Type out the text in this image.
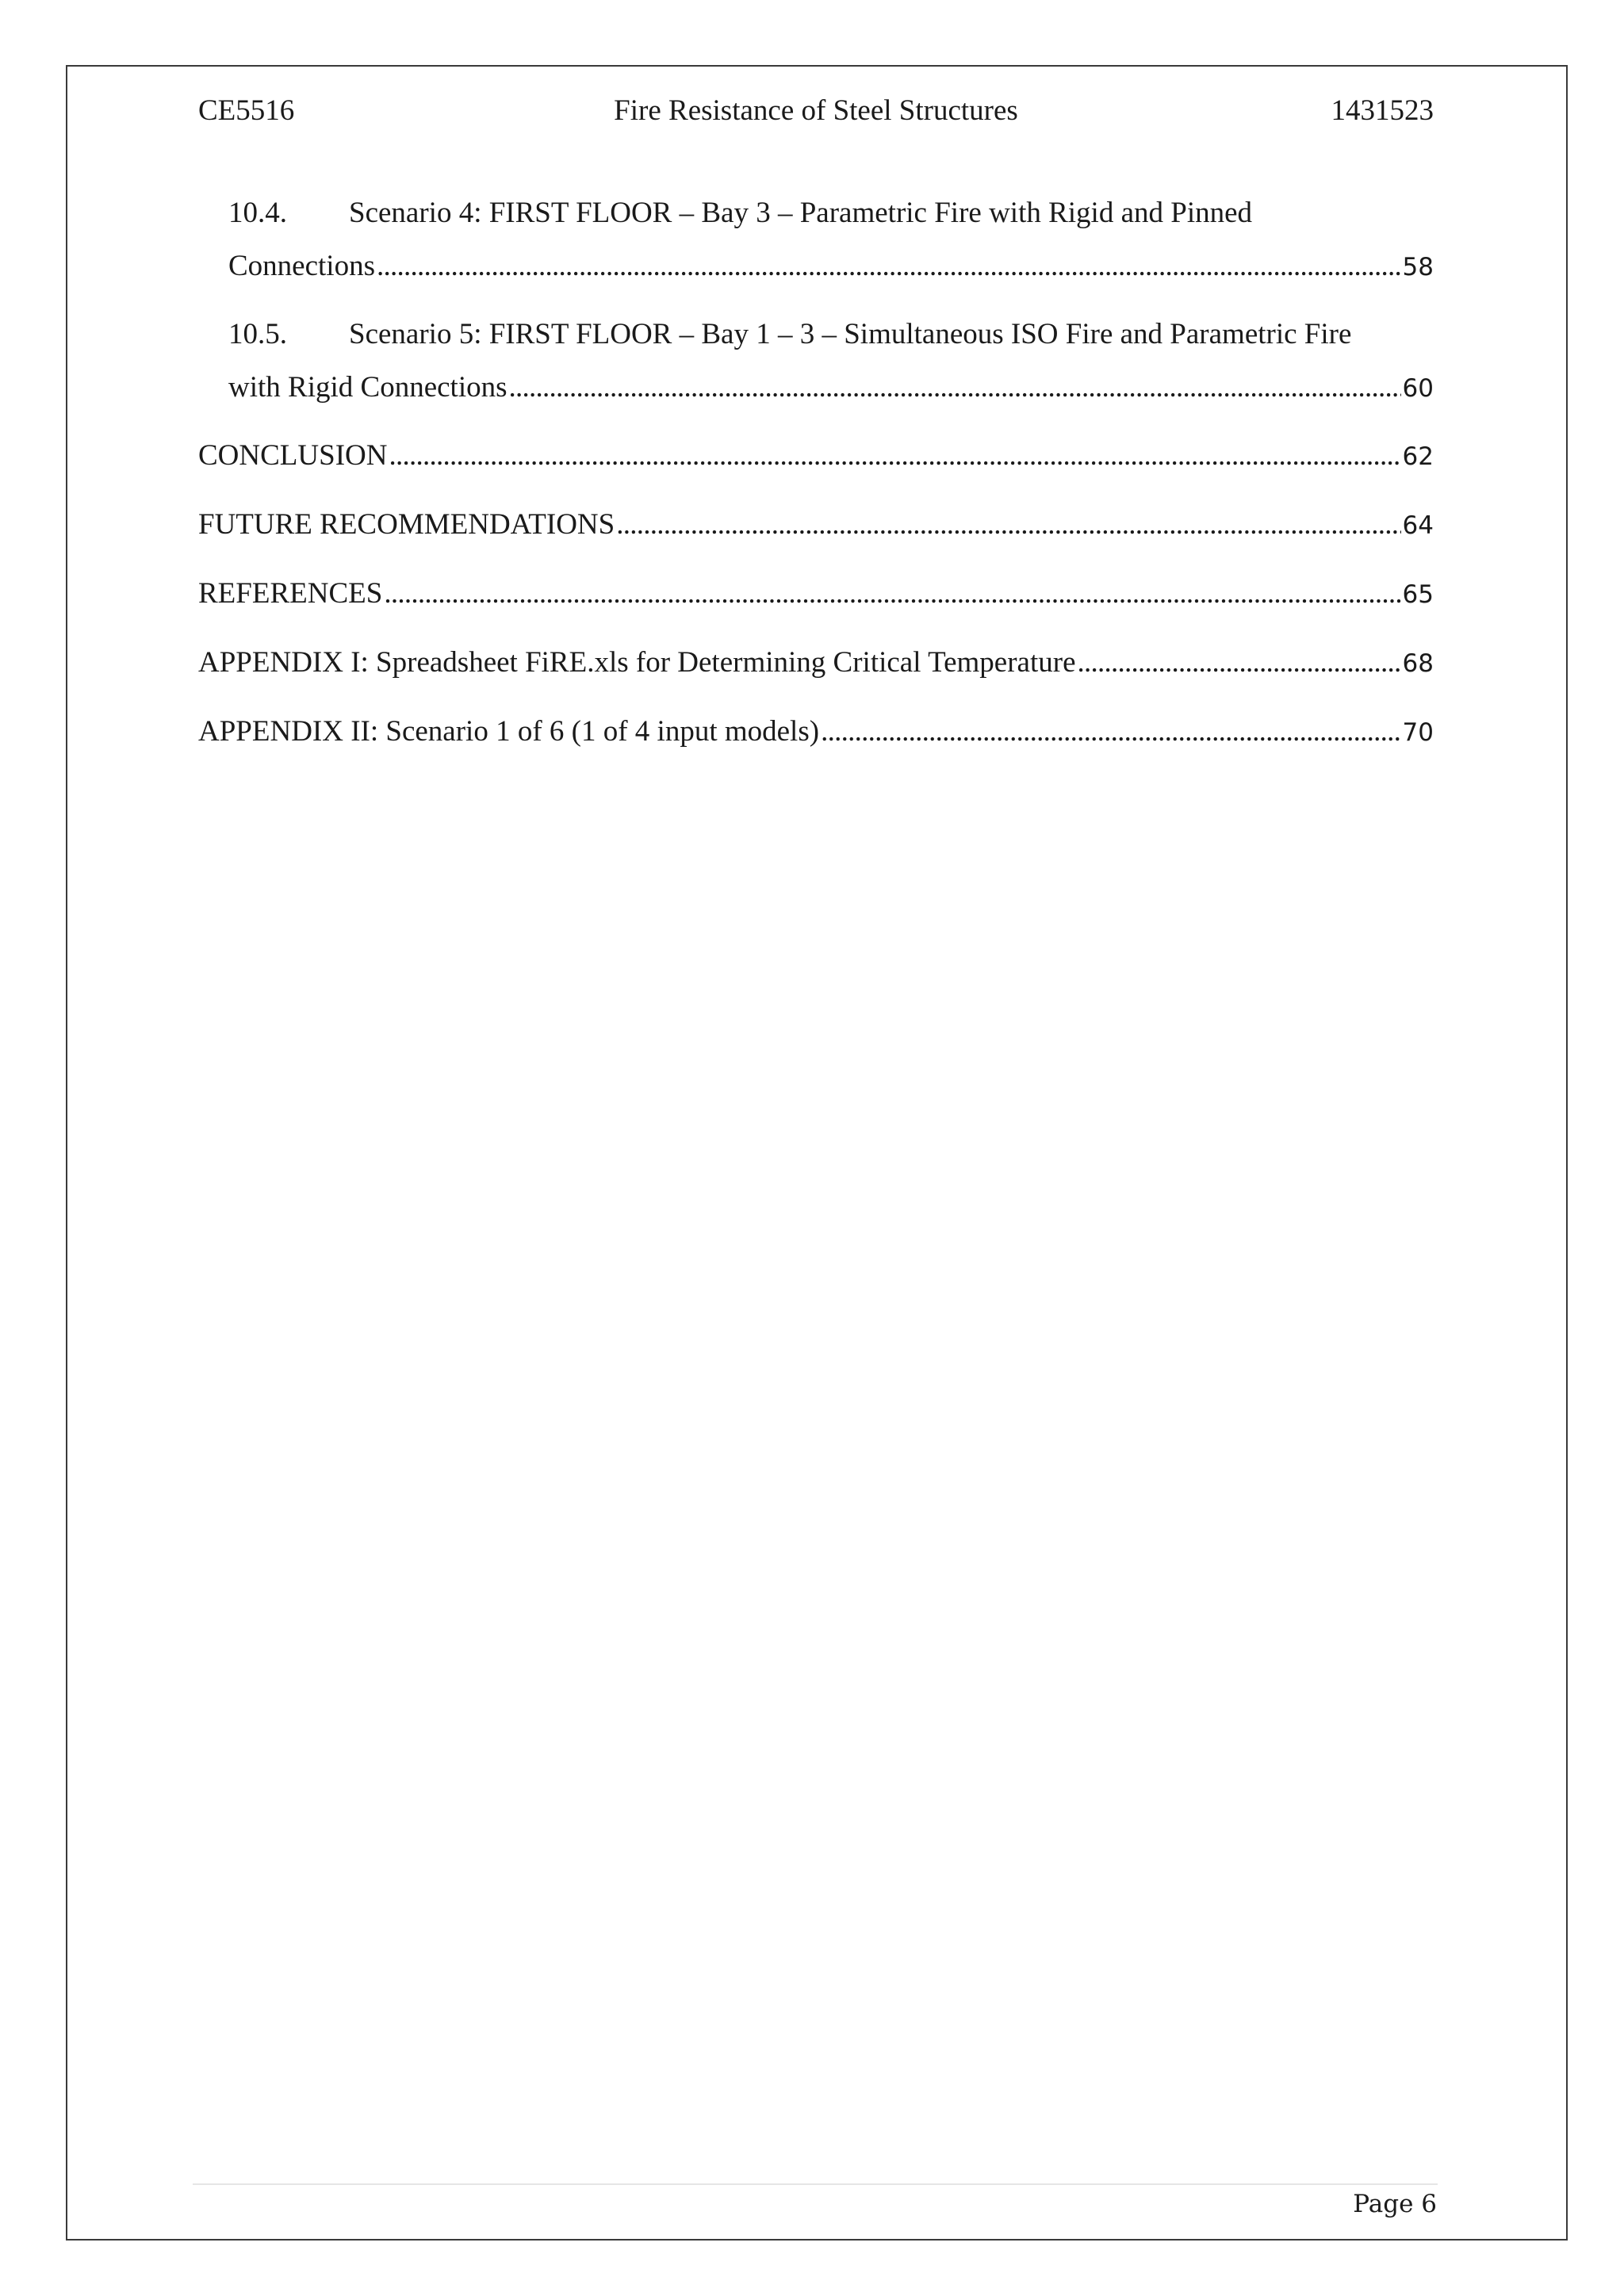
CE5516	Fire Resistance of Steel Structures	1431523
10.4. Scenario 4: FIRST FLOOR – Bay 3 – Parametric Fire with Rigid and Pinned
Connections . . .	58
10.5. Scenario 5: FIRST FLOOR – Bay 1 – 3 – Simultaneous ISO Fire and Parametric Fire
with Rigid Connections . . .	60
CONCLUSION . . .	62
FUTURE RECOMMENDATIONS . . .	64
REFERENCES . . .	65
APPENDIX I: Spreadsheet FiRE.xls for Determining Critical Temperature . . .	68
APPENDIX II: Scenario 1 of 6 (1 of 4 input models) . . .	70
Page 6
